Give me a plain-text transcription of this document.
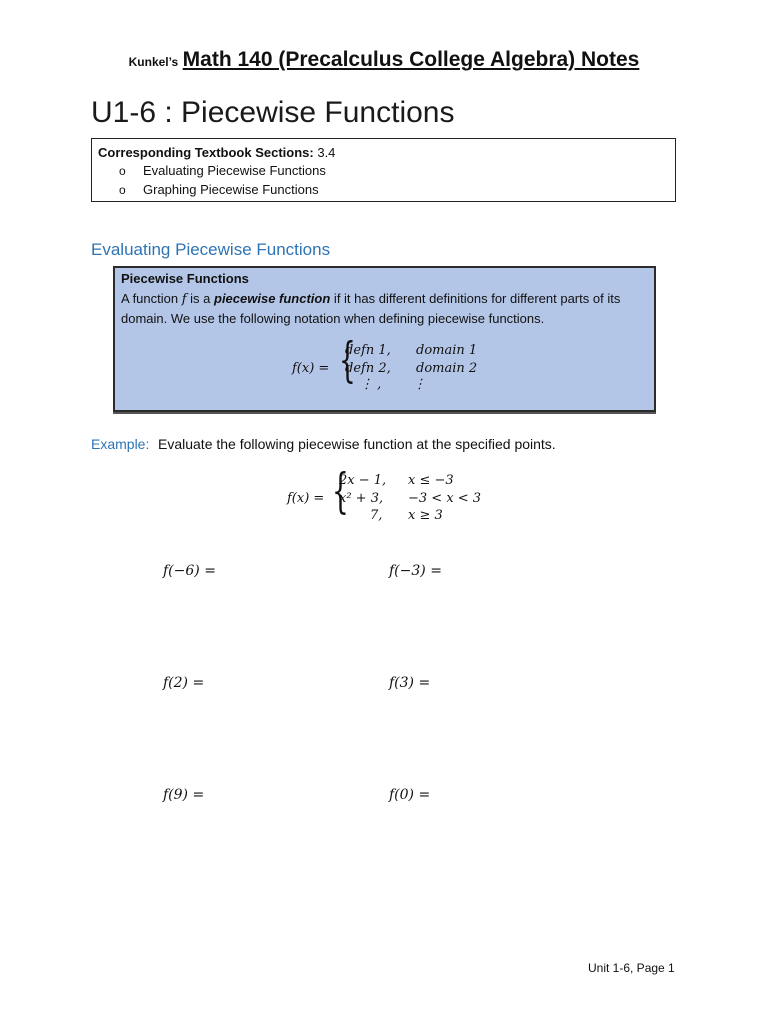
Kunkel’s Math 140 (Precalculus College Algebra) Notes
U1-6 : Piecewise Functions
Corresponding Textbook Sections: 3.4
o Evaluating Piecewise Functions
o Graphing Piecewise Functions
Evaluating Piecewise Functions
Piecewise Functions
A function f is a piecewise function if it has different definitions for different parts of its domain. We use the following notation when defining piecewise functions.
f(x) = {
defn 1, domain 1
defn 2, domain 2
⋮ , ⋮
Example: Evaluate the following piecewise function at the specified points.
f(x) = {
2x − 1, x ≤ −3
x² + 3, −3 < x < 3
7, x ≥ 3
f(−6) =	f(−3) =
f(2) =	f(3) =
f(9) =	f(0) =
Unit 1-6, Page 1
